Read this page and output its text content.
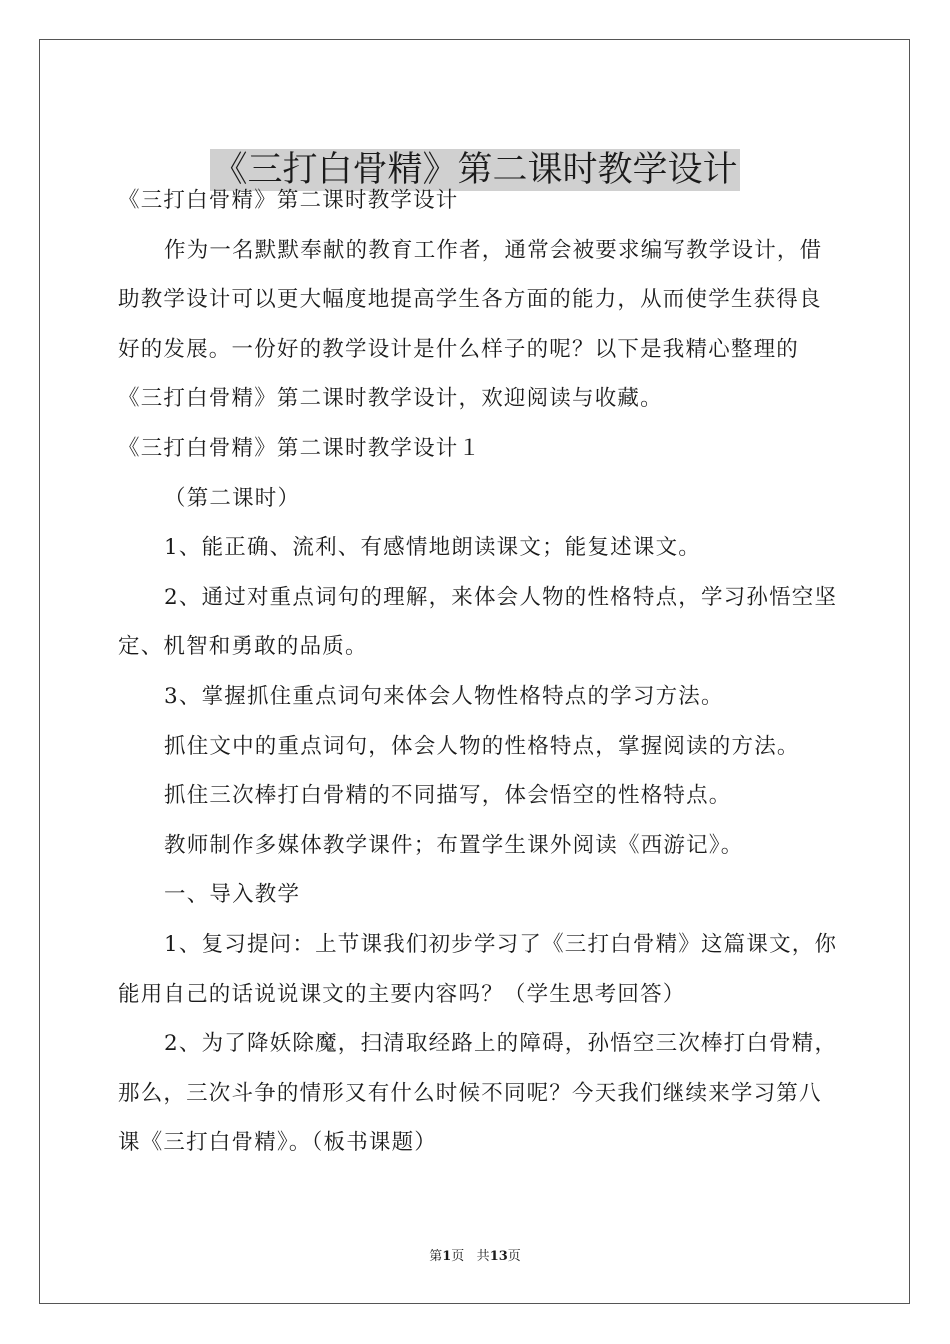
《三打白骨精》第二课时教学设计

《三打白骨精》第二课时教学设计

作为一名默默奉献的教育工作者，通常会被要求编写教学设计，借助教学设计可以更大幅度地提高学生各方面的能力，从而使学生获得良好的发展。一份好的教学设计是什么样子的呢？以下是我精心整理的《三打白骨精》第二课时教学设计，欢迎阅读与收藏。

《三打白骨精》第二课时教学设计１

（第二课时）

1、能正确、流利、有感情地朗读课文；能复述课文。

2、通过对重点词句的理解，来体会人物的性格特点，学习孙悟空坚定、机智和勇敢的品质。

3、掌握抓住重点词句来体会人物性格特点的学习方法。

抓住文中的重点词句，体会人物的性格特点，掌握阅读的方法。

抓住三次棒打白骨精的不同描写，体会悟空的性格特点。

教师制作多媒体教学课件；布置学生课外阅读《西游记》。

一、导入教学

1、复习提问：上节课我们初步学习了《三打白骨精》这篇课文，你能用自己的话说说课文的主要内容吗？（学生思考回答）

2、为了降妖除魔，扫清取经路上的障碍，孙悟空三次棒打白骨精，那么，三次斗争的情形又有什么时候不同呢？今天我们继续来学习第八课《三打白骨精》。（板书课题）

第1页 共13页
